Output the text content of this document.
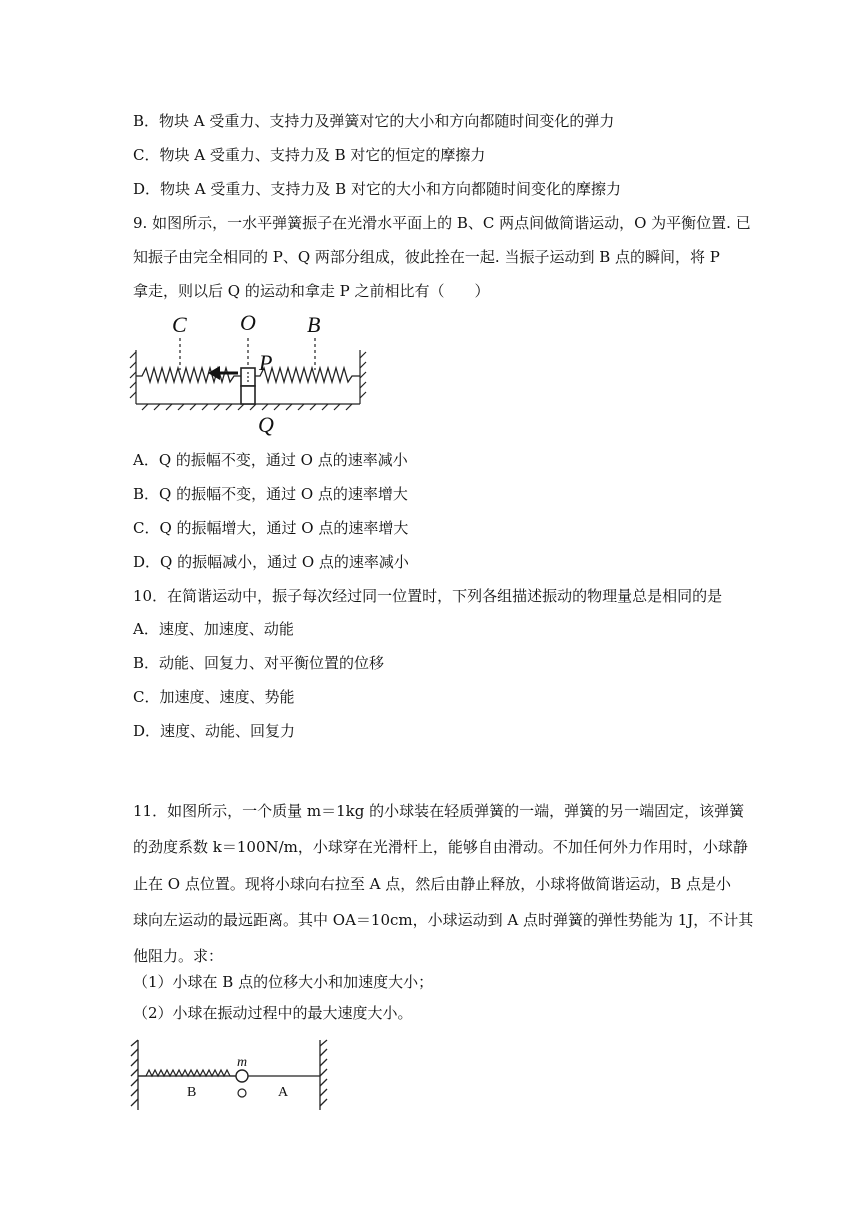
B．物块 A 受重力、支持力及弹簧对它的大小和方向都随时间变化的弹力
C．物块 A 受重力、支持力及 B 对它的恒定的摩擦力
D．物块 A 受重力、支持力及 B 对它的大小和方向都随时间变化的摩擦力
9. 如图所示，一水平弹簧振子在光滑水平面上的 B、C 两点间做简谐运动，O 为平衡位置. 已
知振子由完全相同的 P、Q 两部分组成，彼此拴在一起. 当振子运动到 B 点的瞬间，将 P
拿走，则以后 Q 的运动和拿走 P 之前相比有（　　）
C O B
P
Q
A．Q 的振幅不变，通过 O 点的速率减小
B．Q 的振幅不变，通过 O 点的速率增大
C．Q 的振幅增大，通过 O 点的速率增大
D．Q 的振幅减小，通过 O 点的速率减小
10．在简谐运动中，振子每次经过同一位置时，下列各组描述振动的物理量总是相同的是
A．速度、加速度、动能
B．动能、回复力、对平衡位置的位移
C．加速度、速度、势能
D．速度、动能、回复力
11．如图所示，一个质量 m＝1kg 的小球装在轻质弹簧的一端，弹簧的另一端固定，该弹簧
的劲度系数 k＝100N/m，小球穿在光滑杆上，能够自由滑动。不加任何外力作用时，小球静
止在 O 点位置。现将小球向右拉至 A 点，然后由静止释放，小球将做简谐运动，B 点是小
球向左运动的最远距离。其中 OA＝10cm，小球运动到 A 点时弹簧的弹性势能为 1J，不计其
他阻力。求：
（1）小球在 B 点的位移大小和加速度大小；
（2）小球在振动过程中的最大速度大小。
m
B	A
